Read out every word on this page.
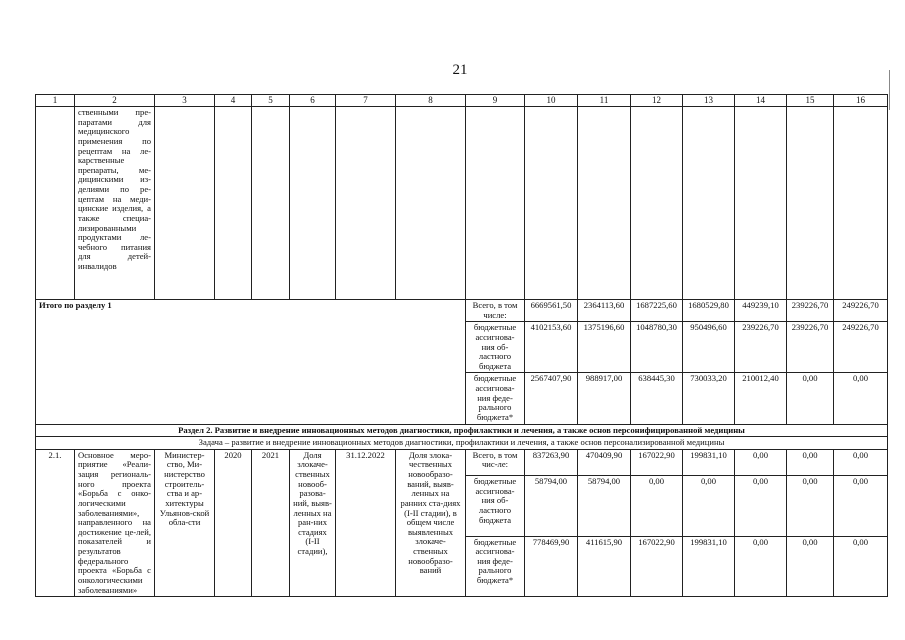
21
1	2	3	4	5	6	7	8	9	10	11	12	13	14	15	16
	ственными пре-паратами для медицинского применения по рецептам на ле-карственные препараты, ме-дицинскими из-делиями по ре-цептам на меди-цинские изделия, а также специа-лизированными продуктами ле-чебного питания для детей-инвалидов														
Итого по разделу 1								Всего, в том числе:	6669561,50	2364113,60	1687225,60	1680529,80	449239,10	239226,70	249226,70
								бюджетные ассигнова-ния об-ластного бюджета	4102153,60	1375196,60	1048780,30	950496,60	239226,70	239226,70	249226,70
								бюджетные ассигнова-ния феде-рального бюджета*	2567407,90	988917,00	638445,30	730033,20	210012,40	0,00	0,00
Раздел 2. Развитие и внедрение инновационных методов диагностики, профилактики и лечения, а также основ персонифицированной медицины															
Задача – развитие и внедрение инновационных методов диагностики, профилактики и лечения, а также основ персонализированной медицины															
2.1.	Основное меро-приятие «Реали-зация региональ-ного проекта «Борьба с онко-логическими заболеваниями», направленного на достижение це-лей, показателей и результатов федерального проекта «Борьба с онкологическими заболеваниями»	Министер-ство, Ми-нистерство строитель-ства и ар-хитектуры Ульянов-ской обла-сти	2020	2021	Доля злокаче-ственных новооб-разова-ний, выяв-ленных на ран-них стадиях (I-II стадии),	31.12.2022	Доля злока-чественных новообразо-ваний, выяв-ленных на ранних ста-диях (I-II стадии), в общем числе выявленных злокаче-ственных новообразо-ваний	Всего, в том чис-ле:	837263,90	470409,90	167022,90	199831,10	0,00	0,00	0,00
								бюджетные ассигнова-ния об-ластного бюджета	58794,00	58794,00	0,00	0,00	0,00	0,00	0,00
								бюджетные ассигнова-ния феде-рального бюджета*	778469,90	411615,90	167022,90	199831,10	0,00	0,00	0,00
